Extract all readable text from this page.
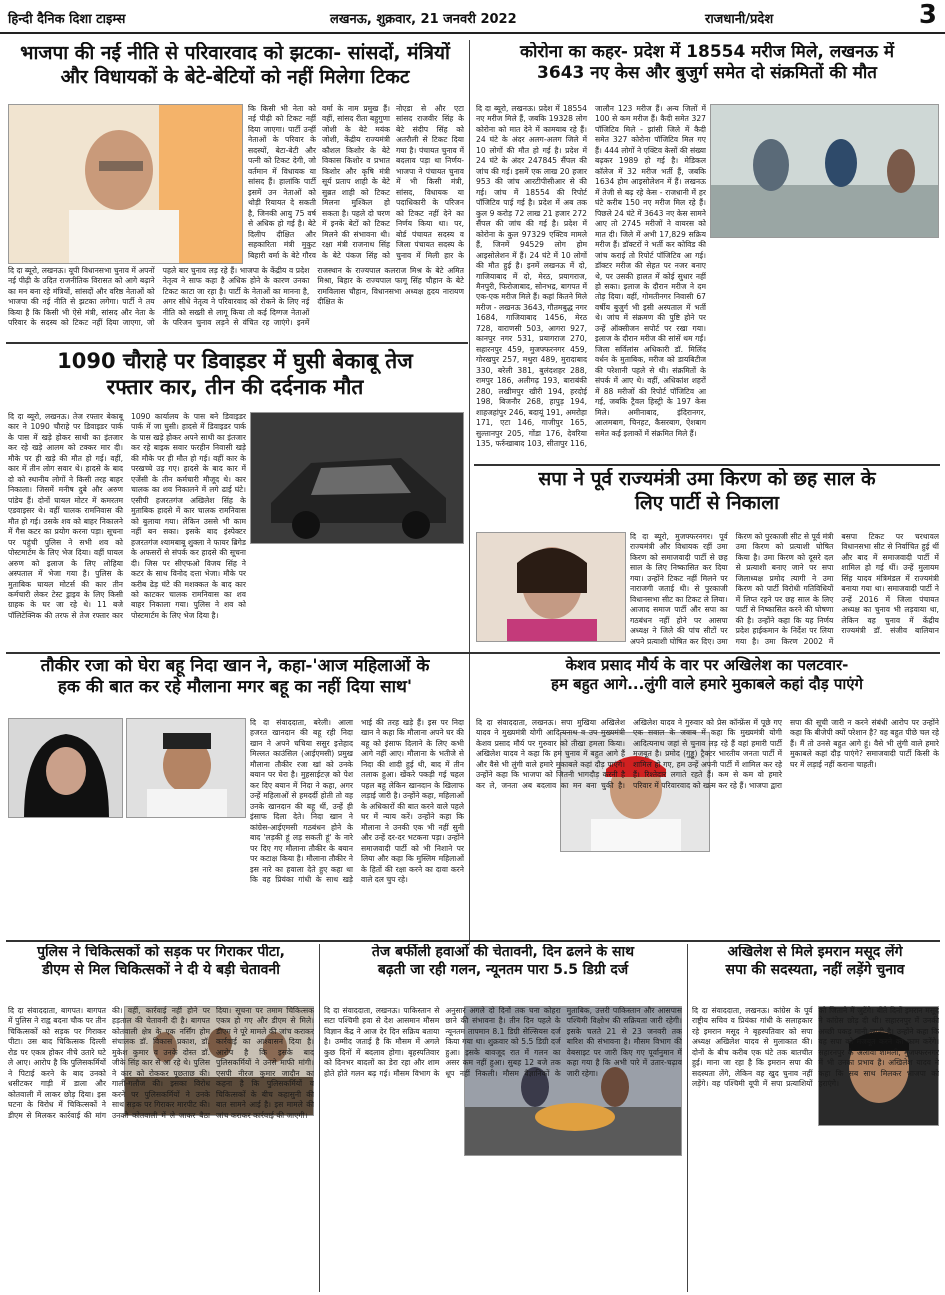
हिन्दी दैनिक दिशा टाइम्स	लखनऊ, शुक्रवार, 21 जनवरी 2022	राजधानी/प्रदेश	3
भाजपा की नई नीति से परिवारवाद को झटका- सांसदों, मंत्रियों
और विधायकों के बेटे-बेटियों को नहीं मिलेगा टिकट
कि किसी भी नेता को नई पीढ़ी को टिकट नहीं दिया जाएगा। पार्टी उन्हीं नेताओं के परिवार के सदस्यों, बेटा-बेटी और पत्नी को टिकट देगी, जो वर्तमान में विधायक या सांसद हैं। हालांकि पार्टी इसमें उन नेताओं को थोड़ी रियायत दे सकती है, जिनकी आयु 75 वर्ष से अधिक हो गई है। बेटे दिलीप दीक्षित और सहकारिता मंत्री मुकुट बिहारी वर्मा के बेटे गौरव वर्मा के नाम प्रमुख हैं। वहीं, सांसद रीता बहुगुणा जोशी के बेटे मयंक जोशी, केंद्रीय राज्यमंत्री कौशल किशोर के बेटे विकास किशोर व प्रभात किशोर और कृषि मंत्री सूर्य प्रताप शाही के बेटे सुब्रत शाही को टिकट मिलना मुश्किल हो सकता है। पहले दो चरण में इनके बेटों को टिकट मिलने की संभावना थी। रक्षा मंत्री राजनाथ सिंह के बेटे पंकज सिंह को नोएडा से और एटा सांसद राजवीर सिंह के बेटे संदीप सिंह को अतरौली से टिकट दिया गया है। पंचायत चुनाव में बदलाव पड़ा था निर्णय- भाजपा ने पंचायत चुनाव में भी किसी मंत्री, सांसद, विधायक या पदाधिकारी के परिजन को टिकट नहीं देने का निर्णय किया था। पर, बोर्ड पंचायत सदस्य व जिला पंचायत सदस्य के चुनाव में मिली हार के
दि दा ब्यूरो, लखनऊ। यूपी विधानसभा चुनाव में अपनों नई पीढ़ी के उदित राजनीतिक विरासत को आगे बढ़ाने का मन बना रहे मंत्रियों, सांसदों और वरिष्ठ नेताओं को भाजपा की नई नीति से झटका लगेगा। पार्टी ने तय किया है कि किसी भी ऐसे मंत्री, सांसद और नेता के परिवार के सदस्य को टिकट नहीं दिया जाएगा, जो पहले बार चुनाव लड़ रहे हैं। भाजपा के केंद्रीय व प्रदेश नेतृत्व ने साफ कहा है अधिक होने के कारण उनका टिकट काटा जा रहा है। पार्टी के नेताओं का मानना है, अगर सीधे नेतृत्व ने परिवारवाद को रोकने के लिए नई नीति को सख्ती से लागू किया तो कई दिग्गज नेताओं के परिजन चुनाव लड़ने से वंचित रह जाएंगे। इनमें राजस्थान के राज्यपाल कलराज मिश्र के बेटे अमित मिश्रा, बिहार के राज्यपाल फागू सिंह चौहान के बेटे रामविलास चौहान, विधानसभा अध्यक्ष हृदय नारायण दीक्षित के
कोरोना का कहर- प्रदेश में 18554 मरीज मिले, लखनऊ में
3643 नए केस और बुजुर्ग समेत दो संक्रमितों की मौत
दि दा ब्यूरो, लखनऊ। प्रदेश में 18554 नए मरीज मिले हैं, जबकि 19328 लोग कोरोना को मात देने में कामयाब रहे हैं। 24 घंटे के अंदर अलग-अलग जिले में 10 लोगों की मौत हो गई है। प्रदेश में 24 घंटे के अंदर 247845 सैंपल की जांच की गई। इसमें एक लाख 20 हजार 953 की जांच आरटीपीसीआर से की गई। जांच में 18554 की रिपोर्ट पॉजिटिव पाई गई है। प्रदेश में अब तक कुल 9 करोड़ 72 लाख 21 हजार 272 सैंपल की जांच की गई है। प्रदेश में कोरोना के कुल 97329 एक्टिव मामले हैं, जिनमें 94529 लोग होम आइसोलेशन में हैं। 24 घंटे में 10 लोगों की मौत हुई है। इनमें लखनऊ में दो, गाजियाबाद में दो, मेरठ, प्रयागराज, मैनपुरी, फिरोजाबाद, सोनभद्र, बागपत में एक-एक मरीज मिले हैं। कहां कितने मिले मरीज - लखनऊ 3643, गौतमबुद्ध नगर 1684, गाजियाबाद 1456, मेरठ 728, वाराणसी 503, आगरा 927, कानपुर नगर 531, प्रयागराज 270, सहारनपुर 459, मुजफ्फरनगर 459, गोरखपुर 257, मथुरा 489, मुरादाबाद 330, बरेली 381, बुलंदशहर 288, रामपुर 186, अलीगढ़ 193, बाराबंकी 280, लखीमपुर खीरी 194, हरदोई 198, बिजनौर 268, हापुड़ 194, शाहजहांपुर 246, बदायूं 191, अमरोहा 171, एटा 146, गाजीपुर 165, सुल्तानपुर 205, गोंडा 176, देवरिया 135, फर्रुखाबाद 103, सीतापुर 116, जालौन 123 मरीज हैं। अन्य जिलों में 100 से कम मरीज हैं। कैदी समेत 327 पॉजिटिव मिले - झांसी जिले में कैदी समेत 327 कोरोना पॉजिटिव मिल गए हैं। 444 लोगों ने एक्टिव केसों की संख्या बढ़कर 1989 हो गई है। मेडिकल कॉलेज में 32 मरीज भर्ती हैं, जबकि 1634 होम आइसोलेशन में हैं। लखनऊ में तेजी से बढ़ रहे केस - राजधानी में हर घंटे करीब 150 नए मरीज मिल रहे हैं। पिछले 24 घंटे में 3643 नए केस सामने आए तो 2745 मरीजों ने वायरस को मात दी। जिले में अभी 17,829 सक्रिय मरीज हैं। डॉक्टरों ने भर्ती कर कोविड की जांच कराई तो रिपोर्ट पॉजिटिव आ गई। डॉक्टर मरीज की सेहत पर नजर बनाए थे, पर उसकी हालत में कोई सुधार नहीं हो सका। इलाज के दौरान मरीज ने दम तोड़ दिया। वहीं, गोमतीनगर निवासी 67 वर्षीय बुजुर्ग भी इसी अस्पताल में भर्ती थे। जांच में संक्रमण की पुष्टि होने पर उन्हें ऑक्सीजन सपोर्ट पर रखा गया। इलाज के दौरान मरीज की सांसें थम गईं। जिला सर्विलांस अधिकारी डॉ. मिलिंद वर्धन के मुताबिक, मरीज को डायबिटीज की परेशानी पहले से थी। संक्रमितों के संपर्क में आए थे। वहीं, अधिकांश शहरों में 88 मरीजों की रिपोर्ट पॉजिटिव आ गई, जबकि ट्रैवल हिस्ट्री के 197 केस मिले। अमीनाबाद, इंदिरानगर, आलमबाग, चिनहट, कैसरबाग, ऐशबाग समेत कई इलाकों में संक्रमित मिले हैं।
1090 चौराहे पर डिवाइडर में घुसी बेकाबू तेज
रफ्तार कार, तीन की दर्दनाक मौत
दि दा ब्यूरो, लखनऊ। तेज रफ्तार बेकाबू कार ने 1090 चौराहे पर डिवाइडर पार्क के पास में खड़े होकर साथी का इंतजार कर रहे खड़े आलम को टक्कर मार दी। मौके पर ही खड़े की मौत हो गई। वहीं, कार में तीन लोग सवार थे। हादसे के बाद दो को स्थानीय लोगों ने किसी तरह बाहर निकाला। जिसमें मनीष दुबे और अरुण पांडेय हैं। दोनों घायल मोटर में कमरतम एडवाइसर थे। वहीं चालक रामनिवास की मौत हो गई। उसके शव को बाहर निकालने में गैस कटर का प्रयोग करना पड़ा। सूचना पर पहुंची पुलिस ने सभी शव को पोस्टमार्टम के लिए भेज दिया। वहीं घायल अरुण को इलाज के लिए लोहिया अस्पताल में भेजा गया है। पुलिस के मुताबिक घायल मोटर्स की कार तीन कर्मचारी लेकर टेस्ट ड्राइव के लिए किसी ग्राहक के घर जा रहे थे। 11 बजे पॉलिटेक्निक की तरफ से तेज रफ्तार कार 1090 कार्यालय के पास बने डिवाइडर पार्क में जा घुसी। हादसे में डिवाइडर पार्क के पास खड़े होकर अपने साथी का इंतजार कर रहे बाइक सवार फरहीन निवासी खड़े की मौके पर ही मौत हो गई। वहीं कार के परखच्चे उड़ गए। हादसे के बाद कार में एजेंसी के तीन कर्मचारी मौजूद थे। कार चालक का शव निकालने में लगे ढाई घंटे। एसीपी हजरतगंज अखिलेश सिंह के मुताबिक हादसे में कार चालक रामनिवास को बुलाया गया। लेकिन उससे भी काम नहीं बन सका। इसके बाद इंस्पेक्टर हजरतगंज श्यामबाबू शुक्ला ने फायर ब्रिगेड के अफसरों से संपर्क कर हादसे की सूचना दी। जिस पर सीएफओ विजय सिंह ने कटर के साथ विनोद दत्ता भेजा। मौके पर करीब ढेड़ घंटे की मशक्कत के बाद कार को काटकर चालक रामनिवास का शव बाहर निकाला गया। पुलिस ने शव को पोस्टमार्टम के लिए भेज दिया है।
सपा ने पूर्व राज्यमंत्री उमा किरण को छह साल के
लिए पार्टी से निकाला
दि दा ब्यूरो, मुजफ्फरनगर। पूर्व राज्यमंत्री और विधायक रहीं उमा किरण को समाजवादी पार्टी से छह साल के लिए निष्कासित कर दिया गया। उन्होंने टिकट नहीं मिलने पर नाराजगी जताई थी। से पुरकाजी विधानसभा सीट का टिकट ले लिया। आजाद समाज पार्टी और सपा का गठबंधन नहीं होने पर आसपा अध्यक्ष ने जिले की पांच सीटों पर अपने प्रत्याशी घोषित कर दिए। उमा किरण को पुरकाजी सीट से पूर्व मंत्री उमा किरण को प्रत्याशी घोषित किया है। उमा किरण को दूसरे दल से प्रत्याशी बनाए जाने पर सपा जिलाध्यक्ष प्रमोद त्यागी ने उमा किरण को पार्टी विरोधी गतिविधियों में लिप्त रहने पर छह साल के लिए पार्टी से निष्कासित करने की घोषणा की है। उन्होंने कहा कि यह निर्णय प्रदेश हाईकमान के निर्देश पर लिया गया है। उमा किरण 2002 में बसपा टिकट पर चरथावल विधानसभा सीट से निर्वाचित हुई थीं और बाद में समाजवादी पार्टी में शामिल हो गई थीं। उन्हें मुलायम सिंह यादव मंत्रिमंडल में राज्यमंत्री बनाया गया था। समाजवादी पार्टी ने उन्हें 2016 में जिला पंचायत अध्यक्ष का चुनाव भी लड़वाया था, लेकिन वह चुनाव में केंद्रीय राज्यमंत्री डॉ. संजीव बालियान
तौकीर रजा को घेरा बहू निदा खान ने, कहा-'आज महिलाओं के
हक की बात कर रहे मौलाना मगर बहू का नहीं दिया साथ'
दि दा संवाददाता, बरेली। आला हजरत खानदान की बहू रही निदा खान ने अपने चचिया ससुर इत्तेहाद मिल्लत काउंसिल (आईएमसी) प्रमुख मौलाना तौकीर रजा खां को उनके बयान पर घेरा है। मुहसाईटज़ को पेश कर दिए बयान में निदा ने कहा, अगर उन्हें महिलाओं से हमदर्दी होती तो वह उनके खानदान की बहू थीं, उन्हें ही इंसाफ दिला देते। निदा खान ने कांग्रेस-आईएमसी गठबंधन होने के बाद 'लड़की हूं लड़ सकती हूं' के नारे पर दिए गए मौलाना तौकीर के बयान पर कटाक्ष किया है। मौलाना तौकीर ने इस नारे का हवाला देते हुए कहा था कि वह प्रियंका गांधी के साथ खड़े भाई की तरह खड़े हैं। इस पर निदा खान ने कहा कि मौलाना अपने घर की बहू को इंसाफ दिलाने के लिए कभी आगे नहीं आए। मौलाना के भतीजे से निदा की शादी हुई थी, बाद में तीन तलाक हुआ। खेंकरे पकड़ी गई चहल पहल बहू लेकिन खानदान के खिलाफ लड़ाई जारी है। उन्होंने कहा, महिलाओं के अधिकारों की बात करने वाले पहले घर में न्याय करें। उन्होंने कहा कि मौलाना ने उनकी एक भी नहीं सुनी और उन्हें दर-दर भटकना पड़ा। उन्होंने समाजवादी पार्टी को भी निशाने पर लिया और कहा कि मुस्लिम महिलाओं के हितों की रक्षा करने का दावा करने वाले दल चुप रहे।
केशव प्रसाद मौर्य के वार पर अखिलेश का पलटवार-
हम बहुत आगे...लुंगी वाले हमारे मुकाबले कहां दौड़ पाएंगे
दि दा संवाददाता, लखनऊ। सपा मुखिया अखिलेश यादव ने मुख्यमंत्री योगी आदित्यनाथ व उप मुख्यमंत्री केशव प्रसाद मौर्य पर गुरुवार को तीखा हमला किया। अखिलेश यादव ने कहा कि हम चुनाव में बहुत आगे हैं और वैसे भी लुंगी वाले हमारे मुकाबले कहां दौड़ पाएंगे। उन्होंने कहा कि भाजपा को जितनी भागदौड़ करनी है कर ले, जनता अब बदलाव का मन बना चुकी है। अखिलेश यादव ने गुरुवार को प्रेस कॉन्फ्रेंस में पूछे गए एक सवाल के जवाब में कहा कि मुख्यमंत्री योगी आदित्यनाथ जहां से चुनाव लड़ रहे हैं वहां हमारी पार्टी मजबूत है। प्रमोद (गुड्डू) ट्रैक्टर भारतीय जनता पार्टी में शामिल हो गए, हम उन्हें अपनी पार्टी में शामिल कर रहे हैं। रिश्तेदार लगाते रहते हैं। कम से कम वो हमारे परिवार में परिवारवाद को खत्म कर रहे हैं। भाजपा द्वारा सपा की सूची जारी न करने संबंधी आरोप पर उन्होंने कहा कि बीजेपी क्यों परेशान है? वह बहुत पीछे चल रहे हैं। मैं तो उनसे बहुत आगे हूं। वैसे भी लुंगी वाले हमारे मुकाबले कहां दौड़ पाएंगे? समाजवादी पार्टी किसी के घर में लड़ाई नहीं कराना चाहती।
पुलिस ने चिकित्सकों को सड़क पर गिराकर पीटा,
डीएम से मिल चिकित्सकों ने दी ये बड़ी चेतावनी
दि दा संवाददाता, बागपत। बागपत में पुलिस ने राह्व बदना चौक पर तीन चिकित्सकों को सड़क पर गिराकर पीटा। उस बाद चिकित्सक दिल्ली रोड पर एकत्र होकर नीचे उतारे घटे ले आए। आरोप है कि पुलिसकर्मियों ने पिटाई करने के बाद उनको धसीटकर गाड़ी में डाला और कोतवाली में लाकर छोड़ दिया। इस घटना के विरोध में चिकित्सकों ने डीएम से मिलकर कार्रवाई की मांग की। वहीं, कार्रवाई नहीं होने पर हड़ताल की चेतावनी दी है। बागपत कोतवाली क्षेत्र के एक नर्सिंग होम संचालक डॉ. विकास प्रकाश, डॉ. मुकेश कुमार व उनके दोस्त डॉ. जीके सिंह कार से आ रहे थे। पुलिस ने कार को रोककर पूछताछ की। गाली-गलौज की। इसका विरोध करने पर पुलिसकर्मियों ने उनके साथ सड़क पर गिराकर मारपीट की। उनको कोतवाली में ले जाकर बैठा दिया। सूचना पर तमाम चिकित्सक एकत्र हो गए और डीएम से मिले। डीएम ने पूरे मामले की जांच कराकर कार्रवाई का आश्वासन दिया है। आरोप है कि इसके बाद पुलिसकर्मियों ने उनसे माफी मांगी। एसपी नीरज कुमार जादौन का कहना है कि पुलिसकर्मियों व चिकित्सकों के बीच कहासुनी की बात सामने आई है। इस मामले की जांच कराकर कार्रवाई की जाएगी।
तेज बर्फीली हवाओं की चेतावनी, दिन ढलने के साथ
बढ़ती जा रही गलन, न्यूनतम पारा 5.5 डिग्री दर्ज
दि दा संवाददाता, लखनऊ। पाकिस्तान से सटा पश्चिमी हवा से देश आसमान मौसम विज्ञान केंद्र ने आज देर दिन सक्रिय बताया है। उम्मीद जताई है कि मौसम में अगले कुछ दिनों में बदलाव होगा। बृहस्पतिवार को दिनभर बादलों का डेरा रहा और शाम होते होते गलन बढ़ गई। मौसम विभाग के अनुसार अगले दो दिनों तक घना कोहरा छाने की संभावना है। तीन दिन पहले के न्यूनतम तापमान 8.1 डिग्री सेल्सियस दर्ज किया गया था। शुक्रवार को 5.5 डिग्री दर्ज हुआ। इसके बावजूद रात में गलन का असर कम नहीं हुआ। सुबह 12 बजे तक धूप नहीं निकली। मौसम वैज्ञानिकों के मुताबिक, उत्तरी पाकिस्तान और आसपास पश्चिमी विक्षोभ की सक्रियता जारी रहेगी। इसके चलते 21 से 23 जनवरी तक बारिश की संभावना है। मौसम विभाग की वेबसाइट पर जारी किए गए पूर्वानुमान में कहा गया है कि अभी पारे में उतार-चढ़ाव जारी रहेगा।
अखिलेश से मिले इमरान मसूद लेंगे
सपा की सदस्यता, नहीं लड़ेंगे चुनाव
दि दा संवाददाता, लखनऊ। कांग्रेस के पूर्व राष्ट्रीय सचिव व प्रियंका गांधी के सलाहकार रहे इमरान मसूद ने बृहस्पतिवार को सपा अध्यक्ष अखिलेश यादव से मुलाकात की। दोनों के बीच करीब एक घंटे तक बातचीत हुई। माना जा रहा है कि इमरान सपा की सदस्यता लेंगे, लेकिन वह खुद चुनाव नहीं लड़ेंगे। वह पश्चिमी यूपी में सपा प्रत्याशियों को जिताने में जुटेंगे। बीते दिनों इमरान मसूद ने कांग्रेस छोड़ दी थी। सहारनपुर में उनकी अच्छी पकड़ मानी जाती है। उन्होंने कहा कि वह सपा को मजबूत करने का काम करेंगे। सहारनपुर के अलावा शामली, मुजफ्फरनगर में भी उनका प्रभाव है। अखिलेश यादव ने कहा कि सब साथ मिलकर भाजपा को हराएंगे।
